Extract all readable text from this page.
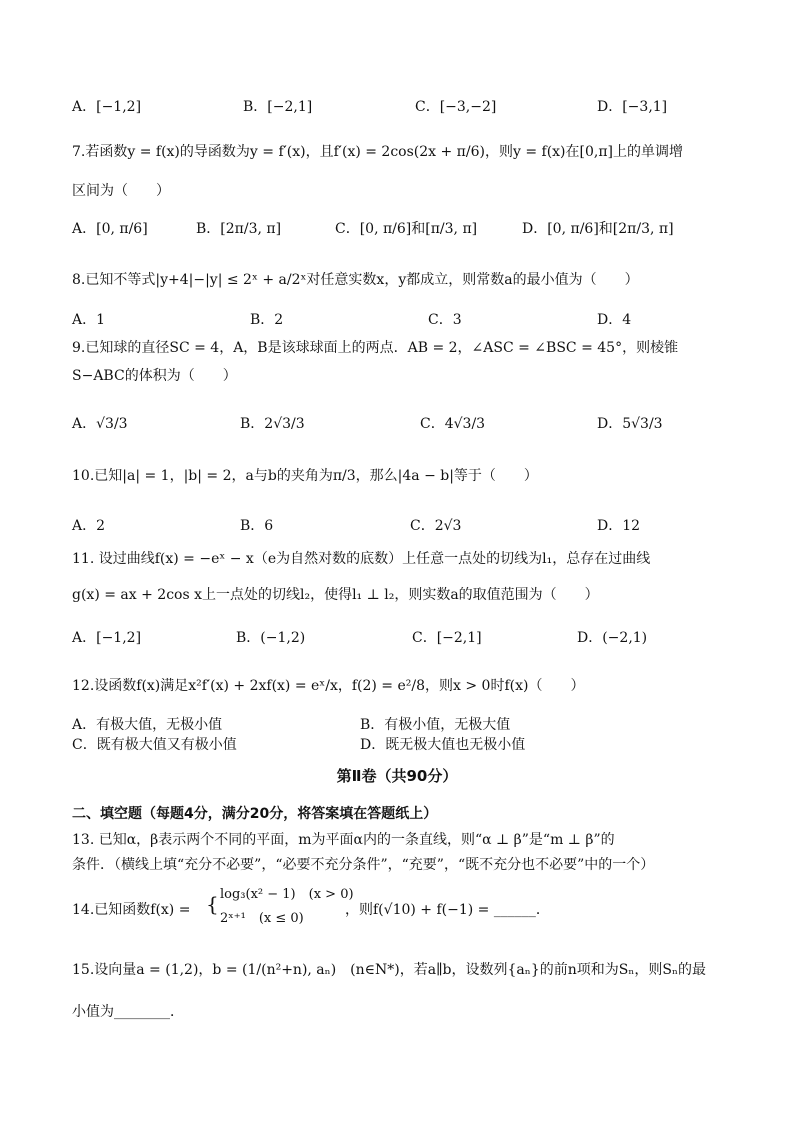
A．[−1,2]	B．[−2,1]	C．[−3,−2]	D．[−3,1]
7.若函数y = f(x)的导函数为y = f′(x)，且f′(x) = 2cos(2x + π/6)，则y = f(x)在[0,π]上的单调增
区间为（　　）
A．[0, π/6]	B．[2π/3, π]	C．[0, π/6]和[π/3, π]	D．[0, π/6]和[2π/3, π]
8.已知不等式|y+4|−|y| ≤ 2ˣ + a/2ˣ对任意实数x，y都成立，则常数a的最小值为（　　）
A．1	B．2	C．3	D．4
9.已知球的直径SC = 4，A，B是该球球面上的两点．AB = 2，∠ASC = ∠BSC = 45°，则棱锥
S−ABC的体积为（　　）
A．√3/3	B．2√3/3	C．4√3/3	D．5√3/3
10.已知|a| = 1，|b| = 2，a与b的夹角为π/3，那么|4a − b|等于（　　）
A．2	B．6	C．2√3	D．12
11. 设过曲线f(x) = −eˣ − x（e为自然对数的底数）上任意一点处的切线为l₁，总存在过曲线
g(x) = ax + 2cos x上一点处的切线l₂，使得l₁ ⊥ l₂，则实数a的取值范围为（　　）
A．[−1,2]	B．(−1,2)	C．[−2,1]	D．(−2,1)
12.设函数f(x)满足x²f′(x) + 2xf(x) = eˣ/x，f(2) = e²/8，则x > 0时f(x)（　　）
A．有极大值，无极小值	B．有极小值，无极大值
C．既有极大值又有极小值	D．既无极大值也无极小值
第Ⅱ卷（共90分）
二、填空题（每题4分，满分20分，将答案填在答题纸上）
13. 已知α，β表示两个不同的平面，m为平面α内的一条直线，则“α ⊥ β”是“m ⊥ β”的
条件．（横线上填“充分不必要”，“必要不充分条件”，“充要”，“既不充分也不必要”中的一个）
14.已知函数f(x) = { log₃(x² − 1)　(x > 0)
2ˣ⁺¹　(x ≤ 0)
，则f(√10) + f(−1) = ______．
15.设向量a = (1,2)，b = (1/(n²+n), aₙ)　(n∈N*)，若a∥b，设数列{aₙ}的前n项和为Sₙ，则Sₙ的最
小值为________．
